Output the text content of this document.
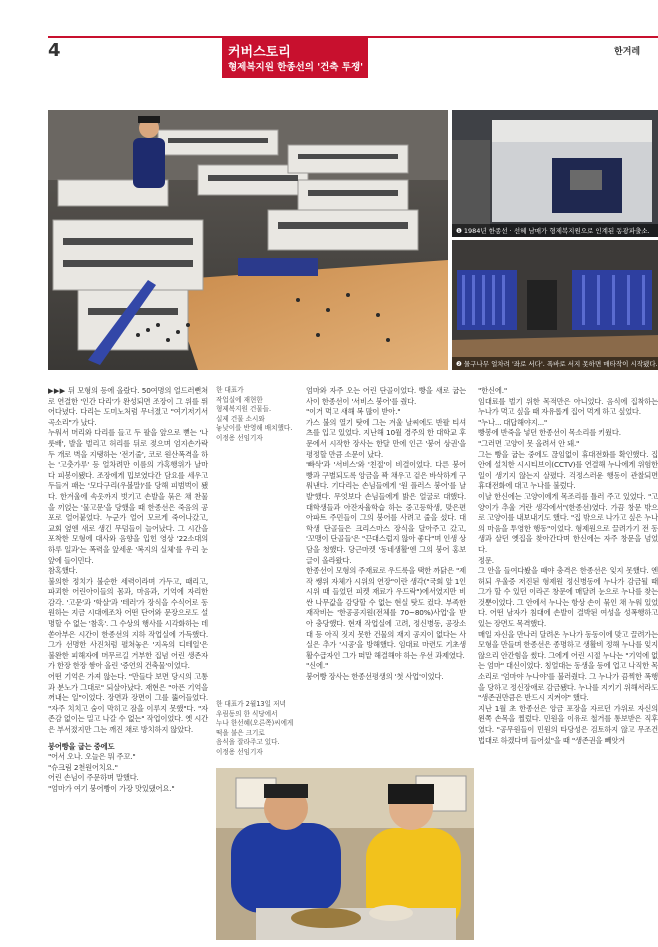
4	커버스토리
형제복지원 한종선의 '건축 투쟁'
한겨레
❶ 1984년 한종선 · 선혜 남매가 형제복지원으로 인계된 동광파출소.
❷ 물구나무 얼차려 '좌로 서다'. 폭바로 서지 못하면 매타작이 시작됐다.

▶▶▶ 뒤 모형의 등에 올랐다. 50여명의 얼드러뻔쳐로 연결한 '인간 다리'가 완성되면 조장이 그 위를 뛰어다녔다. 다리는 도미노처럼 무너졌고 "여기저기서 곡소리"가 났다.

누워서 머리와 다리를 들고 두 팔을 앞으로 뻗는 '나룻배', 발을 벌리고 허리를 뒤로 젖으며 엄지손가락 두 개로 벽을 지탱하는 '전기줄', 코로 원산폭격을 하는 '고춧가루' 등 얼차려만 이름의 가혹행위가 날마다 피봉이됐다. 조장에게 밉보였다간 담요를 세우고 두들겨 패는 '모다구리(우볼말)'를 당해 피범벅이 됐다. 한겨울에 속옷까지 벗기고 손발을 묶은 채 찬물을 끼얹는 '물고문'을 당했을 때 한종선은 죽음의 공포로 얼어붙었다. 누군가 얼어 모르게 죽어나갔고, 교회 옆엔 새로 생긴 무덤들이 늘어났다. 그 시간을 포착한 모형에 대사와 음향을 입힌 영상 '22소대의 하루 일과'는 폭력을 앞세운 '복지의 실체'를 우리 눈앞에 들이민다.

참혹했다.

불의한 정치가 불순한 세력이라며 가두고, 때리고, 파괴한 어린아이들의 몸과, 마음과, 기억에 자리한 감각. '고문'과 '학살'과 '테러'가 장식을 수식어로 동원하는 지금 시대에조차 어떤 단어와 문장으로도 설명할 수 없는 '참혹'. 그 수상의 행사를 시각화하는 데 쏟아부은 시간이 한종선의 지하 작업실에 가득했다. 그가 선명한 사진처럼 펼쳐놓은 '지옥의 디테일'은 불완한 피해자에 머무르길 거부한 집념 어린 생존자가 한장 한장 쌓아 올린 '증언의 건축물'이었다.

어떤 기억은 가져 않는다. "만들다 보면 당시의 고통과 분노가 그대로" 되살아났다. 재현은 "아픈 기억을 꺼내는 일"이었다. 장면과 장면이 그를 뚫어들었다. "자주 치치고 숨이 막히고 잠을 이루지 못했"다. "자존감 없이는 밀고 나갈 수 없는" 작업이었다. 옛 시간은 부서졌지만 그는 깨진 채로 방치하지 않았다.

붕어빵을 굽는 중에도

"어서 오나. 오늘은 뭐 주꼬."

"슈크림 2천원어치요."

어린 손님이 주문하며 말했다.

"엄마가 여기 붕어빵이 가장 맛있댔어요."

한 대표가
작업실에 재현한
형제복지원 건물들.
실제 건물 소시와
놓낮이를 반영해 배치했다.
이정용 선임기자
한 대표가 2월13일 저녁
우림동의 한 식당에서
누나 한선혜(오른쪽)씨에게
떡을 불은 크기로
음식을 잘라주고 있다.
이정용 선임기자

엄마와 자주 오는 어린 단골이었다. 빵을 새로 굽는 사이 한종선이 '서비스 붕어'를 줬다.

"이거 먹고 새해 복 많이 받아."

가스 불의 열기 탓에 그는 겨울 날씨에도 반팔 티셔츠를 입고 있었다. 지난해 10월 경주의 한 대학교 후문에서 시작한 장사는 한달 만에 인근 '붕어 상권'을 평정할 만큼 소문이 났다.

'빠삭'과 '서비스'와 '친절'이 비결이었다. 다른 붕어빵과 구별되도록 앙금을 꽉 채우고 겉은 바삭하게 구워낸다. 기다리는 손님들에게 '원 플러스 붕어'를 날발'했다. 무엇보다 손님들에게 밝은 얼굴로 대했다. 대학생들과 아잔자율학습 하는 중고등학생, 맞은편 아파트 주민들이 그의 붕어를 사려고 줄을 섰다. 대학생 단골들은 크리스마스 장식을 달아주고 갔고, '꼬맹이 단골들'은 "끈대스럽지 않아 좋다"며 인생 상담을 청했다. 당근마켓 '동네생활'엔 그의 붕어 홍보 글이 올라왔다.

한종선이 모형의 주재료로 우드룩을 택한 까닭은 "제작 쌩위 자체가 시위의 연장"이란 생각("국회 앞 1인 시위 때 들었던 피켓 재료가 우드락")에서였지만 비싼 나무값을 감당할 수 없는 현실 탓도 컸다. 부족한 재작비는 '한공공지원(전체를 70~80%)사업'을 받아 충당했다. 현재 작업실에 고려, 정신병동, 공장소대 등 아직 짓지 못한 건물의 재지 공지이 없다는 사실은 추가 '시공'을 방해했다. 임대료 마련도 기초생활수급자인 그가 떠맡 해결해야 하는 우선 과제였다.

"신에."

붕어빵 장사는 한종선평생의 '첫 사업'이었다.

"한신에."

임대료를 벌기 위한 목적만은 아니었다. 음식에 집착하는 누나가 먹고 싶을 때 자유롭게 집어 먹게 하고 싶었다.

"누나... 대답해야지..."

빵봉에 반죽을 넣던 한종선이 목소리를 키웠다.

"그러면 고양이 못 올려서 안 돼."

그는 빵을 굽는 중에도 끊임없이 휴대전화를 확인했다. 집 안에 설치한 시시티브이(CCTV)를 연결해 누나에게 위험한 일이 생기지 않는지 살폈다. 걱정스러운 행동이 관찰되면 휴대전화에 대고 누나를 불렀다.

이날 한신에는 고양이에게 목조리를 틀러 주고 있었다. "고양이가 추울 거란 생각에서"(한종선)였다. 가끔 창문 밖으로 고양이를 내보내기도 했다. "집 밖으로 나가고 싶은 누나의 마음을 투영한 행동"이었다. 형제원으로 끌려가기 전 동생과 살던 옛집을 찾아간다며 한신에는 자주 창문을 넘었다.

정문.

그 안을 들여다봤을 때야 충격은 한종선은 잊지 못했다. 엔허되 우울증 저진된 형제원 정신병동에 누나가 감금될 때 그가 할 수 있던 이라곤 창문에 매달려 눈으로 누나를 찾는 것뿐이었다. 그 안에서 누나는 항상 손이 묶인 채 누워 있었다. 어떤 남자가 침대에 손발이 결박된 여성을 성폭행하고 있는 장면도 목격했다.

매일 자신을 만나러 달려온 누나가 동동이에 맞고 끌려가는 모형을 만들며 한종선은 종명하고 생활비 정해 누나를 잊지 않으리 안간힘을 썼다. 그에게 어린 시절 누나는 "기억에 없는 엄마" 대신이었다. 칭얼대는 동생을 등에 업고 나직한 목소리로 '엄마야 누나야'를 불러줬다. 그 누나가 끔찍한 폭행을 당하고 정신장애로 감금됐다. 누나를 지키기 위해서라도 "생존권만큼은 반드시 지켜야" 했다.

지난 1월 초 한종선은 앙금 포장을 자르던 가위로 자신의 왼쪽 손목을 찔렀다. 민원을 이유로 철거를 통보받은 직후였다. "공무원들이 민원의 타당성은 검토하지 않고 무조건 법대로 하겠다며 들어섰"을 때 "생존권을 빼앗겨
